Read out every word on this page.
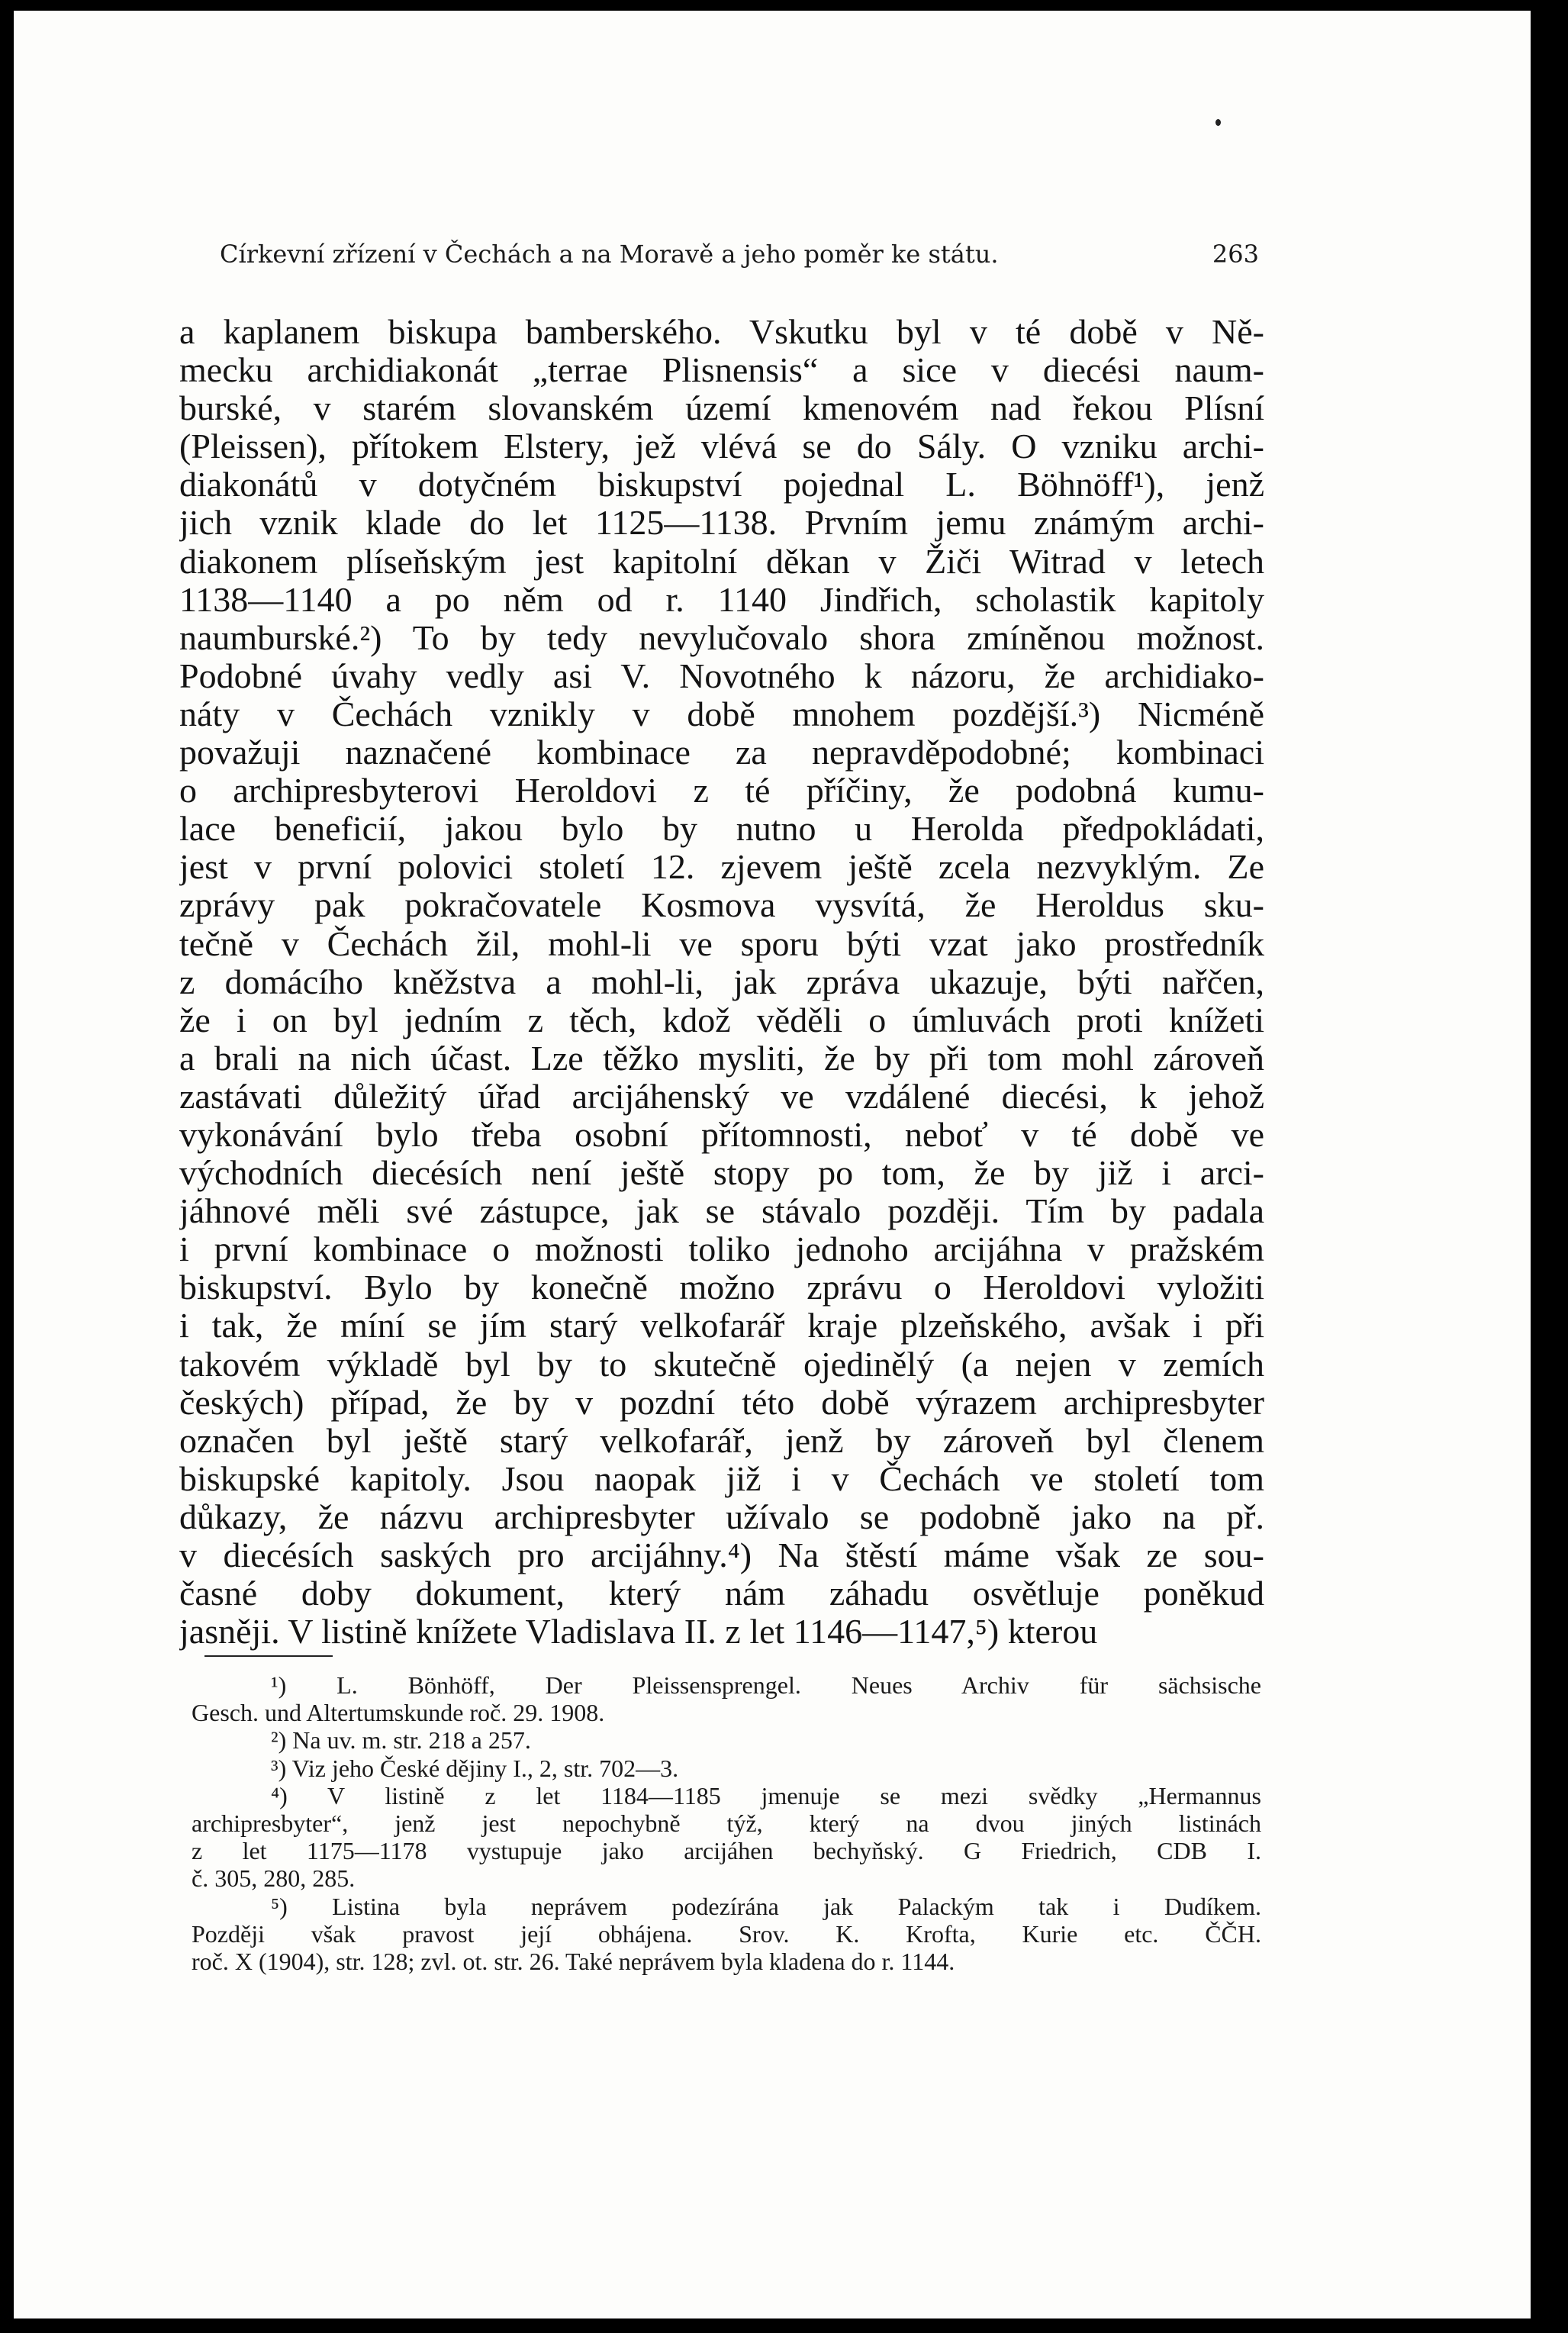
Církevní zřízení v Čechách a na Moravě a jeho poměr ke státu.	263
a kaplanem biskupa bamberského. Vskutku byl v té době v Ně-
mecku archidiakonát „terrae Plisnensis“ a sice v diecési naum-
burské, v starém slovanském území kmenovém nad řekou Plísní
(Pleissen), přítokem Elstery, jež vlévá se do Sály. O vzniku archi-
diakonátů v dotyčném biskupství pojednal L. Böhnöff¹), jenž
jich vznik klade do let 1125—1138. Prvním jemu známým archi-
diakonem plíseňským jest kapitolní děkan v Žiči Witrad v letech
1138—1140 a po něm od r. 1140 Jindřich, scholastik kapitoly
naumburské.²) To by tedy nevylučovalo shora zmíněnou možnost.
Podobné úvahy vedly asi V. Novotného k názoru, že archidiako-
náty v Čechách vznikly v době mnohem pozdější.³) Nicméně
považuji naznačené kombinace za nepravděpodobné; kombinaci
o archipresbyterovi Heroldovi z té příčiny, že podobná kumu-
lace beneficií, jakou bylo by nutno u Herolda předpokládati,
jest v první polovici století 12. zjevem ještě zcela nezvyklým. Ze
zprávy pak pokračovatele Kosmova vysvítá, že Heroldus sku-
tečně v Čechách žil, mohl-li ve sporu býti vzat jako prostředník
z domácího kněžstva a mohl-li, jak zpráva ukazuje, býti nařčen,
že i on byl jedním z těch, kdož věděli o úmluvách proti knížeti
a brali na nich účast. Lze těžko mysliti, že by při tom mohl zároveň
zastávati důležitý úřad arcijáhenský ve vzdálené diecési, k jehož
vykonávání bylo třeba osobní přítomnosti, neboť v té době ve
východních diecésích není ještě stopy po tom, že by již i arci-
jáhnové měli své zástupce, jak se stávalo později. Tím by padala
i první kombinace o možnosti toliko jednoho arcijáhna v pražském
biskupství. Bylo by konečně možno zprávu o Heroldovi vyložiti
i tak, že míní se jím starý velkofarář kraje plzeňského, avšak i při
takovém výkladě byl by to skutečně ojedinělý (a nejen v zemích
českých) případ, že by v pozdní této době výrazem archipresbyter
označen byl ještě starý velkofarář, jenž by zároveň byl členem
biskupské kapitoly. Jsou naopak již i v Čechách ve století tom
důkazy, že názvu archipresbyter užívalo se podobně jako na př.
v diecésích saských pro arcijáhny.⁴) Na štěstí máme však ze sou-
časné doby dokument, který nám záhadu osvětluje poněkud
jasněji. V listině knížete Vladislava II. z let 1146—1147,⁵) kterou
¹) L. Bönhöff, Der Pleissensprengel. Neues Archiv für sächsische
Gesch. und Altertumskunde roč. 29. 1908.
²) Na uv. m. str. 218 a 257.
³) Viz jeho České dějiny I., 2, str. 702—3.
⁴) V listině z let 1184—1185 jmenuje se mezi svědky „Hermannus
archipresbyter“, jenž jest nepochybně týž, který na dvou jiných listinách
z let 1175—1178 vystupuje jako arcijáhen bechyňský. G Friedrich, CDB I.
č. 305, 280, 285.
⁵) Listina byla neprávem podezírána jak Palackým tak i Dudíkem.
Později však pravost její obhájena. Srov. K. Krofta, Kurie etc. ČČH.
roč. X (1904), str. 128; zvl. ot. str. 26. Také neprávem byla kladena do r. 1144.
